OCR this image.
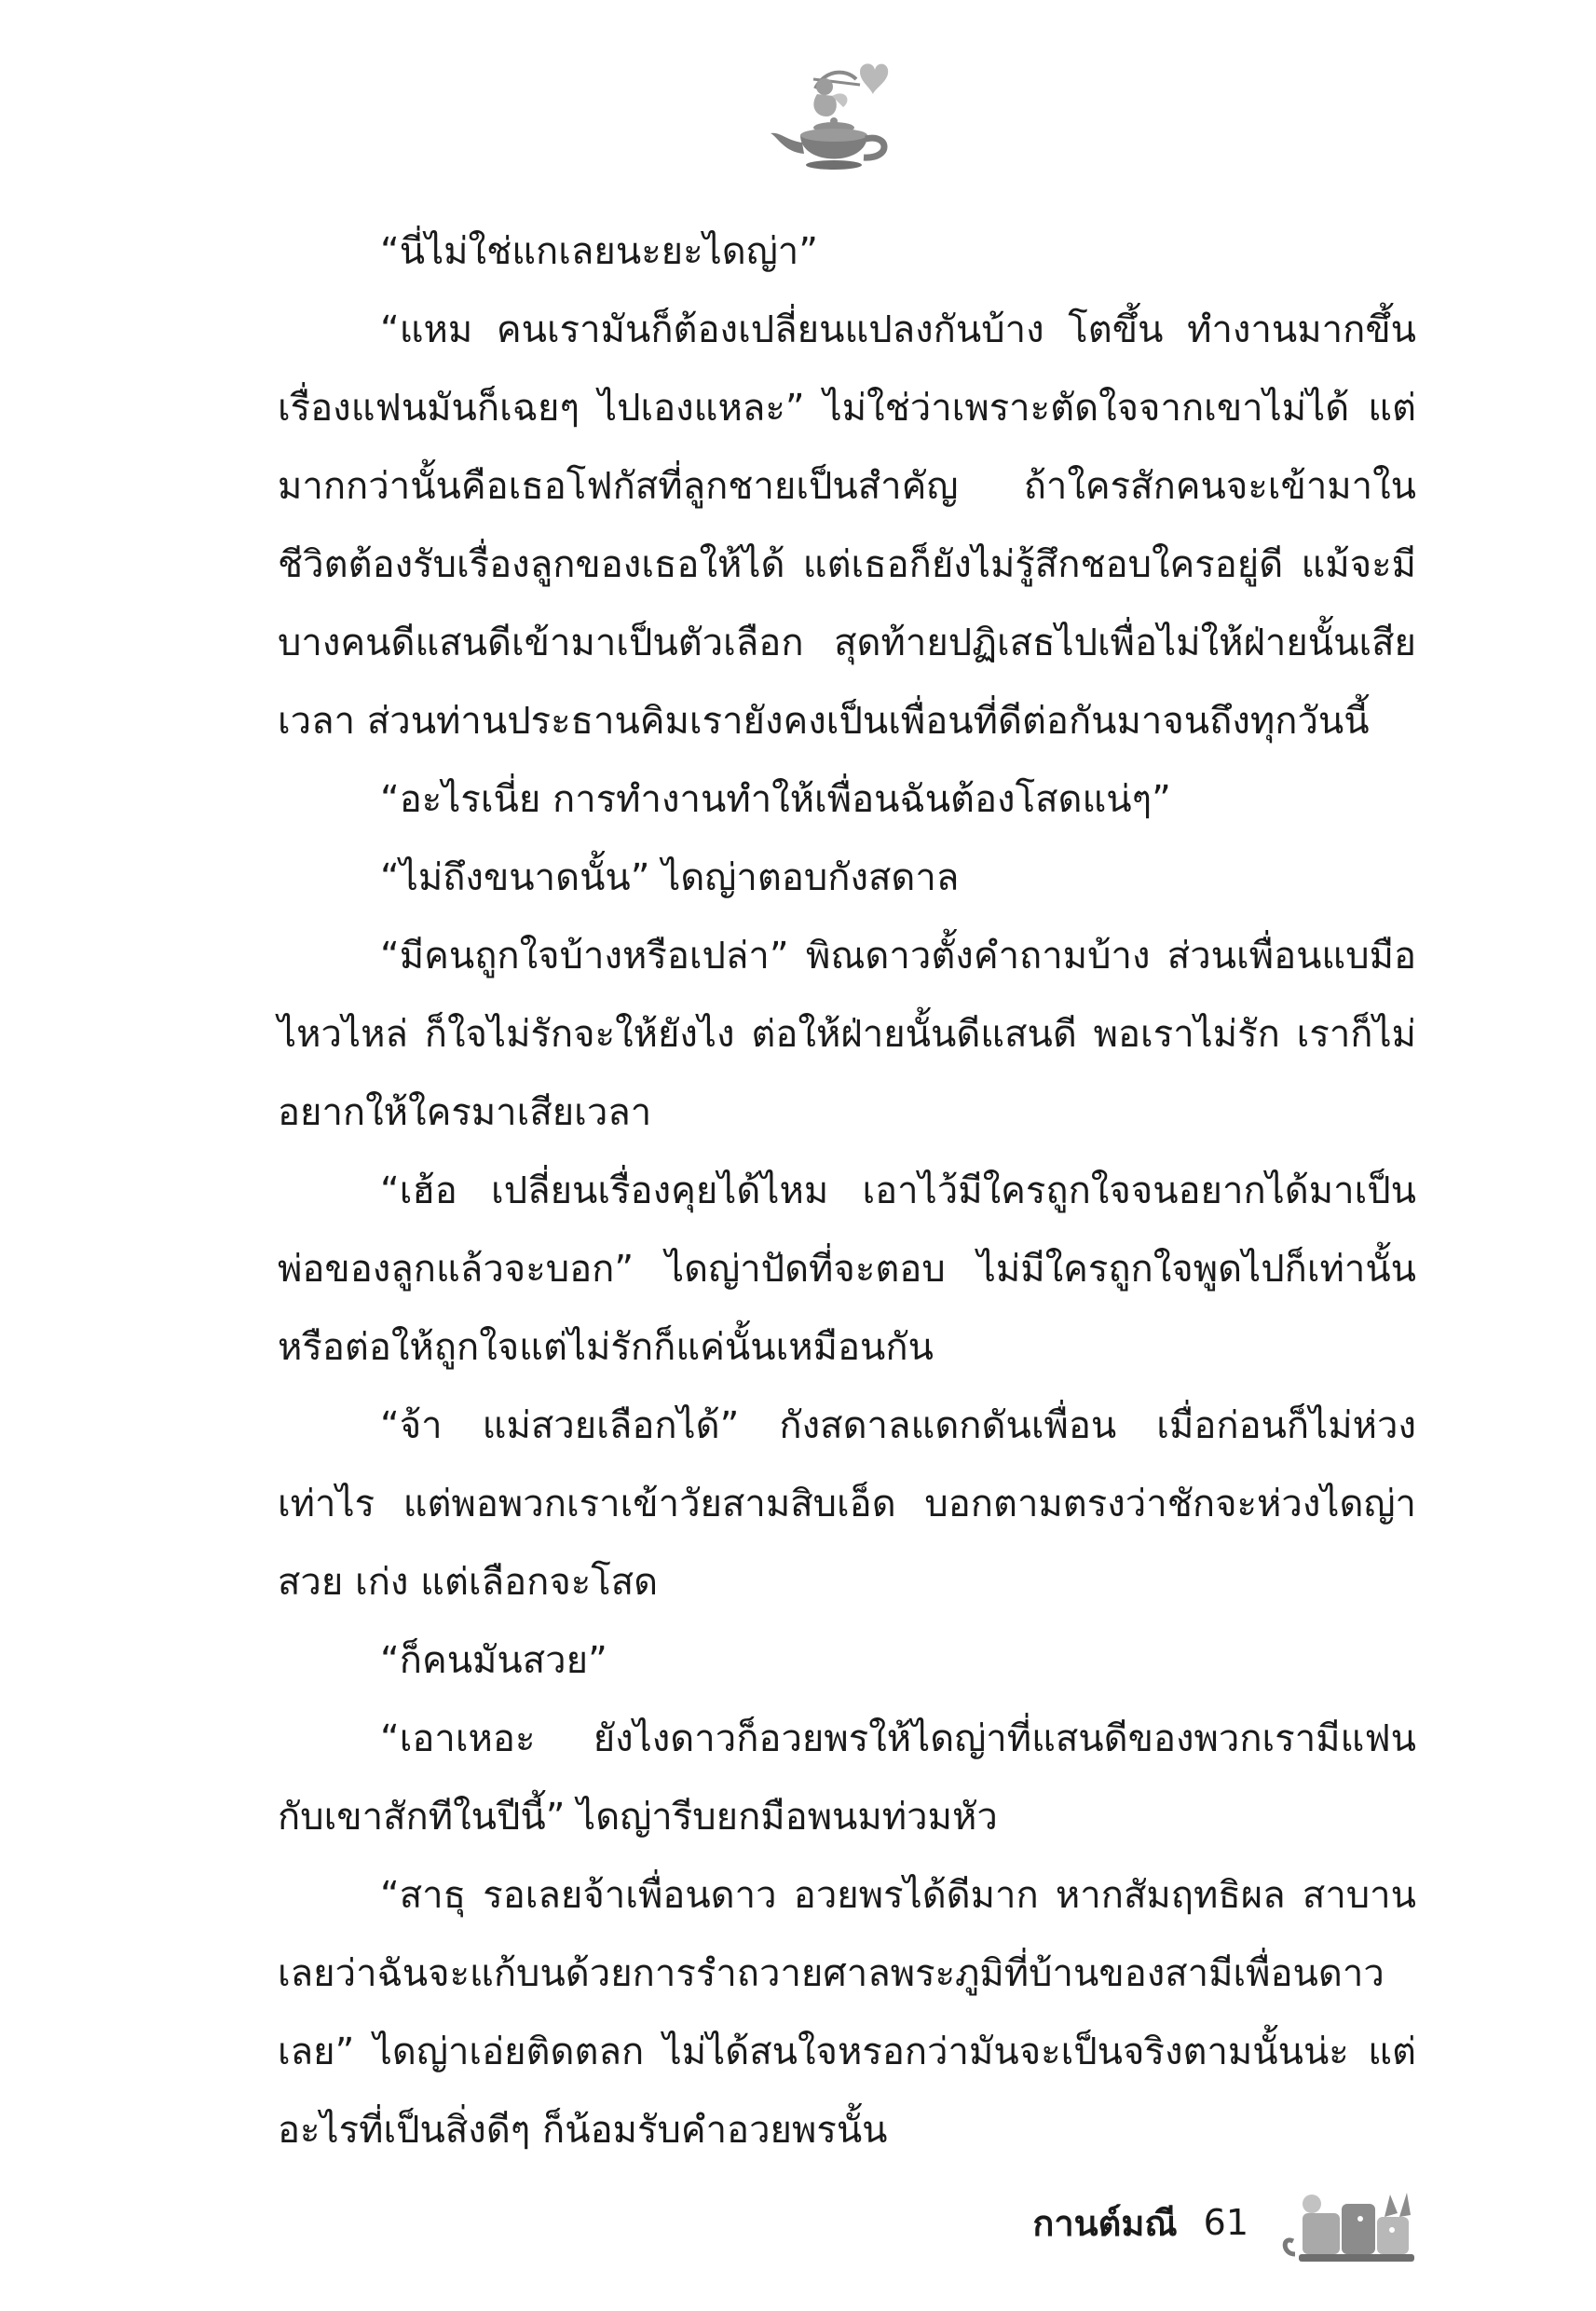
“นี่ไม่ใช่แกเลยนะยะไดญ่า”

“แหม คนเรามันก็ต้องเปลี่ยนแปลงกันบ้าง โตขึ้น ทำงานมากขึ้น เรื่องแฟนมันก็เฉยๆ ไปเองแหละ” ไม่ใช่ว่าเพราะตัดใจจากเขาไม่ได้ แต่มากกว่านั้นคือเธอโฟกัสที่ลูกชายเป็นสำคัญ ถ้าใครสักคนจะเข้ามาในชีวิตต้องรับเรื่องลูกของเธอให้ได้ แต่เธอก็ยังไม่รู้สึกชอบใครอยู่ดี แม้จะมีบางคนดีแสนดีเข้ามาเป็นตัวเลือก สุดท้ายปฏิเสธไปเพื่อไม่ให้ฝ่ายนั้นเสียเวลา ส่วนท่านประธานคิมเรายังคงเป็นเพื่อนที่ดีต่อกันมาจนถึงทุกวันนี้

“อะไรเนี่ย การทำงานทำให้เพื่อนฉันต้องโสดแน่ๆ”

“ไม่ถึงขนาดนั้น” ไดญ่าตอบกังสดาล

“มีคนถูกใจบ้างหรือเปล่า” พิณดาวตั้งคำถามบ้าง ส่วนเพื่อนแบมือไหวไหล่ ก็ใจไม่รักจะให้ยังไง ต่อให้ฝ่ายนั้นดีแสนดี พอเราไม่รัก เราก็ไม่อยากให้ใครมาเสียเวลา

“เฮ้อ เปลี่ยนเรื่องคุยได้ไหม เอาไว้มีใครถูกใจจนอยากได้มาเป็นพ่อของลูกแล้วจะบอก” ไดญ่าปัดที่จะตอบ ไม่มีใครถูกใจพูดไปก็เท่านั้น หรือต่อให้ถูกใจแต่ไม่รักก็แค่นั้นเหมือนกัน

“จ้า แม่สวยเลือกได้” กังสดาลแดกดันเพื่อน เมื่อก่อนก็ไม่ห่วงเท่าไร แต่พอพวกเราเข้าวัยสามสิบเอ็ด บอกตามตรงว่าชักจะห่วงไดญ่า สวย เก่ง แต่เลือกจะโสด

“ก็คนมันสวย”

“เอาเหอะ ยังไงดาวก็อวยพรให้ไดญ่าที่แสนดีของพวกเรามีแฟนกับเขาสักทีในปีนี้” ไดญ่ารีบยกมือพนมท่วมหัว

“สาธุ รอเลยจ้าเพื่อนดาว อวยพรได้ดีมาก หากสัมฤทธิผล สาบานเลยว่าฉันจะแก้บนด้วยการรำถวายศาลพระภูมิที่บ้านของสามีเพื่อนดาวเลย” ไดญ่าเอ่ยติดตลก ไม่ได้สนใจหรอกว่ามันจะเป็นจริงตามนั้นน่ะ แต่อะไรที่เป็นสิ่งดีๆ ก็น้อมรับคำอวยพรนั้น

กานต์มณี 61
